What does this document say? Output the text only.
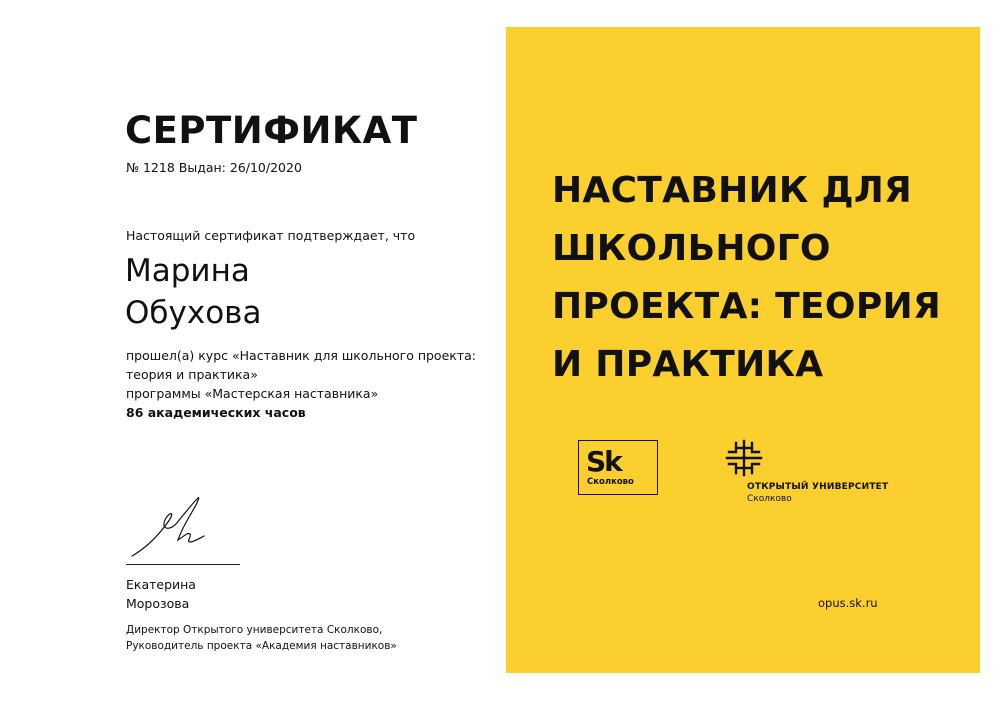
СЕРТИФИКАТ
№ 1218 Выдан: 26/10/2020
Настоящий сертификат подтверждает, что
Марина
Обухова
прошел(а) курс «Наставник для школьного проекта:
теория и практика»
программы «Мастерская наставника»
86 академических часов
Екатерина
Морозова
Директор Открытого университета Сколково,
Руководитель проекта «Академия наставников»
НАСТАВНИК ДЛЯ ШКОЛЬНОГО ПРОЕКТА: ТЕОРИЯ И ПРАКТИКА
Sk
Сколково	ОТКРЫТЫЙ УНИВЕРСИТЕТ
Сколково
opus.sk.ru
